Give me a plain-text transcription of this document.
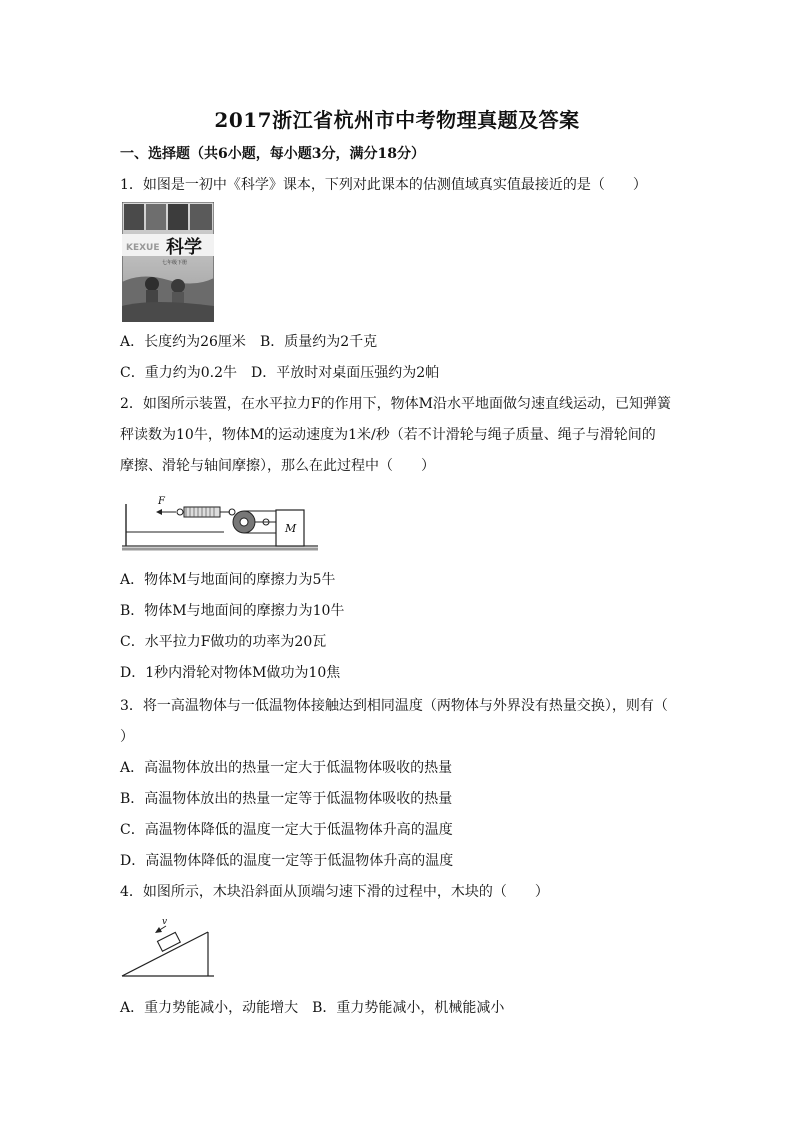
2017浙江省杭州市中考物理真题及答案
一、选择题（共6小题，每小题3分，满分18分）
1．如图是一初中《科学》课本，下列对此课本的估测值域真实值最接近的是（　　）
KEXUE 科学
七年级下册
A．长度约为26厘米 B．质量约为2千克
C．重力约为0.2牛 D．平放时对桌面压强约为2帕
2．如图所示装置，在水平拉力F的作用下，物体M沿水平地面做匀速直线运动，已知弹簧
秤读数为10牛，物体M的运动速度为1米/秒（若不计滑轮与绳子质量、绳子与滑轮间的
摩擦、滑轮与轴间摩擦），那么在此过程中（　　）
F
M
A．物体M与地面间的摩擦力为5牛
B．物体M与地面间的摩擦力为10牛
C．水平拉力F做功的功率为20瓦
D．1秒内滑轮对物体M做功为10焦
3．将一高温物体与一低温物体接触达到相同温度（两物体与外界没有热量交换），则有（
）
A．高温物体放出的热量一定大于低温物体吸收的热量
B．高温物体放出的热量一定等于低温物体吸收的热量
C．高温物体降低的温度一定大于低温物体升高的温度
D．高温物体降低的温度一定等于低温物体升高的温度
4．如图所示，木块沿斜面从顶端匀速下滑的过程中，木块的（　　）
v
A．重力势能减小，动能增大 B．重力势能减小，机械能减小
